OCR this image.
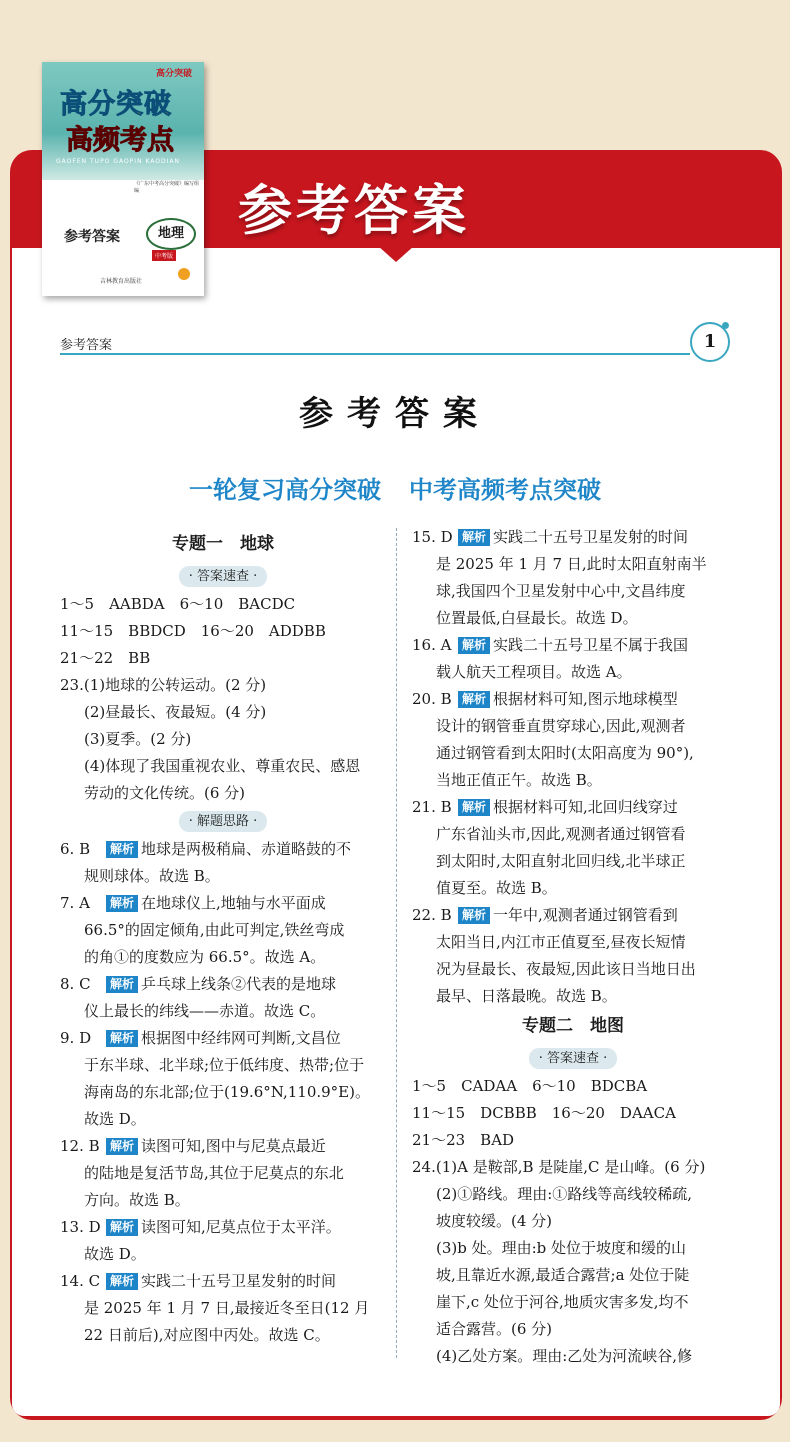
参考答案
高分突破
高分突破
高频考点
GAOFEN TUPO GAOPIN KAODIAN
《广东中考高分突破》编写组 编
参考答案	地理
中考版
吉林教育出版社
参考答案	1
参考答案
一轮复习高分突破 中考高频考点突破
专题一　地球
· 答案速查 ·
1～5　AABDA　6～10　BACDC
11～15　BBDCD　16～20　ADDBB
21～22　BB
23.(1)地球的公转运动。(2 分)
(2)昼最长、夜最短。(4 分)
(3)夏季。(2 分)
(4)体现了我国重视农业、尊重农民、感恩
劳动的文化传统。(6 分)
· 解题思路 ·
6. B 解析 地球是两极稍扁、赤道略鼓的不
规则球体。故选 B。
7. A 解析 在地球仪上,地轴与水平面成
66.5°的固定倾角,由此可判定,铁丝弯成
的角①的度数应为 66.5°。故选 A。
8. C 解析 乒乓球上线条②代表的是地球
仪上最长的纬线——赤道。故选 C。
9. D 解析 根据图中经纬网可判断,文昌位
于东半球、北半球;位于低纬度、热带;位于
海南岛的东北部;位于(19.6°N,110.9°E)。
故选 D。
12. B 解析 读图可知,图中与尼莫点最近
的陆地是复活节岛,其位于尼莫点的东北
方向。故选 B。
13. D 解析 读图可知,尼莫点位于太平洋。
故选 D。
14. C 解析 实践二十五号卫星发射的时间
是 2025 年 1 月 7 日,最接近冬至日(12 月
22 日前后),对应图中丙处。故选 C。
15. D 解析 实践二十五号卫星发射的时间
是 2025 年 1 月 7 日,此时太阳直射南半
球,我国四个卫星发射中心中,文昌纬度
位置最低,白昼最长。故选 D。
16. A 解析 实践二十五号卫星不属于我国
载人航天工程项目。故选 A。
20. B 解析 根据材料可知,图示地球模型
设计的钢管垂直贯穿球心,因此,观测者
通过钢管看到太阳时(太阳高度为 90°),
当地正值正午。故选 B。
21. B 解析 根据材料可知,北回归线穿过
广东省汕头市,因此,观测者通过钢管看
到太阳时,太阳直射北回归线,北半球正
值夏至。故选 B。
22. B 解析 一年中,观测者通过钢管看到
太阳当日,内江市正值夏至,昼夜长短情
况为昼最长、夜最短,因此该日当地日出
最早、日落最晚。故选 B。
专题二　地图
· 答案速查 ·
1～5　CADAA　6～10　BDCBA
11～15　DCBBB　16～20　DAACA
21～23　BAD
24.(1)A 是鞍部,B 是陡崖,C 是山峰。(6 分)
(2)①路线。理由:①路线等高线较稀疏,
坡度较缓。(4 分)
(3)b 处。理由:b 处位于坡度和缓的山
坡,且靠近水源,最适合露营;a 处位于陡
崖下,c 处位于河谷,地质灾害多发,均不
适合露营。(6 分)
(4)乙处方案。理由:乙处为河流峡谷,修
